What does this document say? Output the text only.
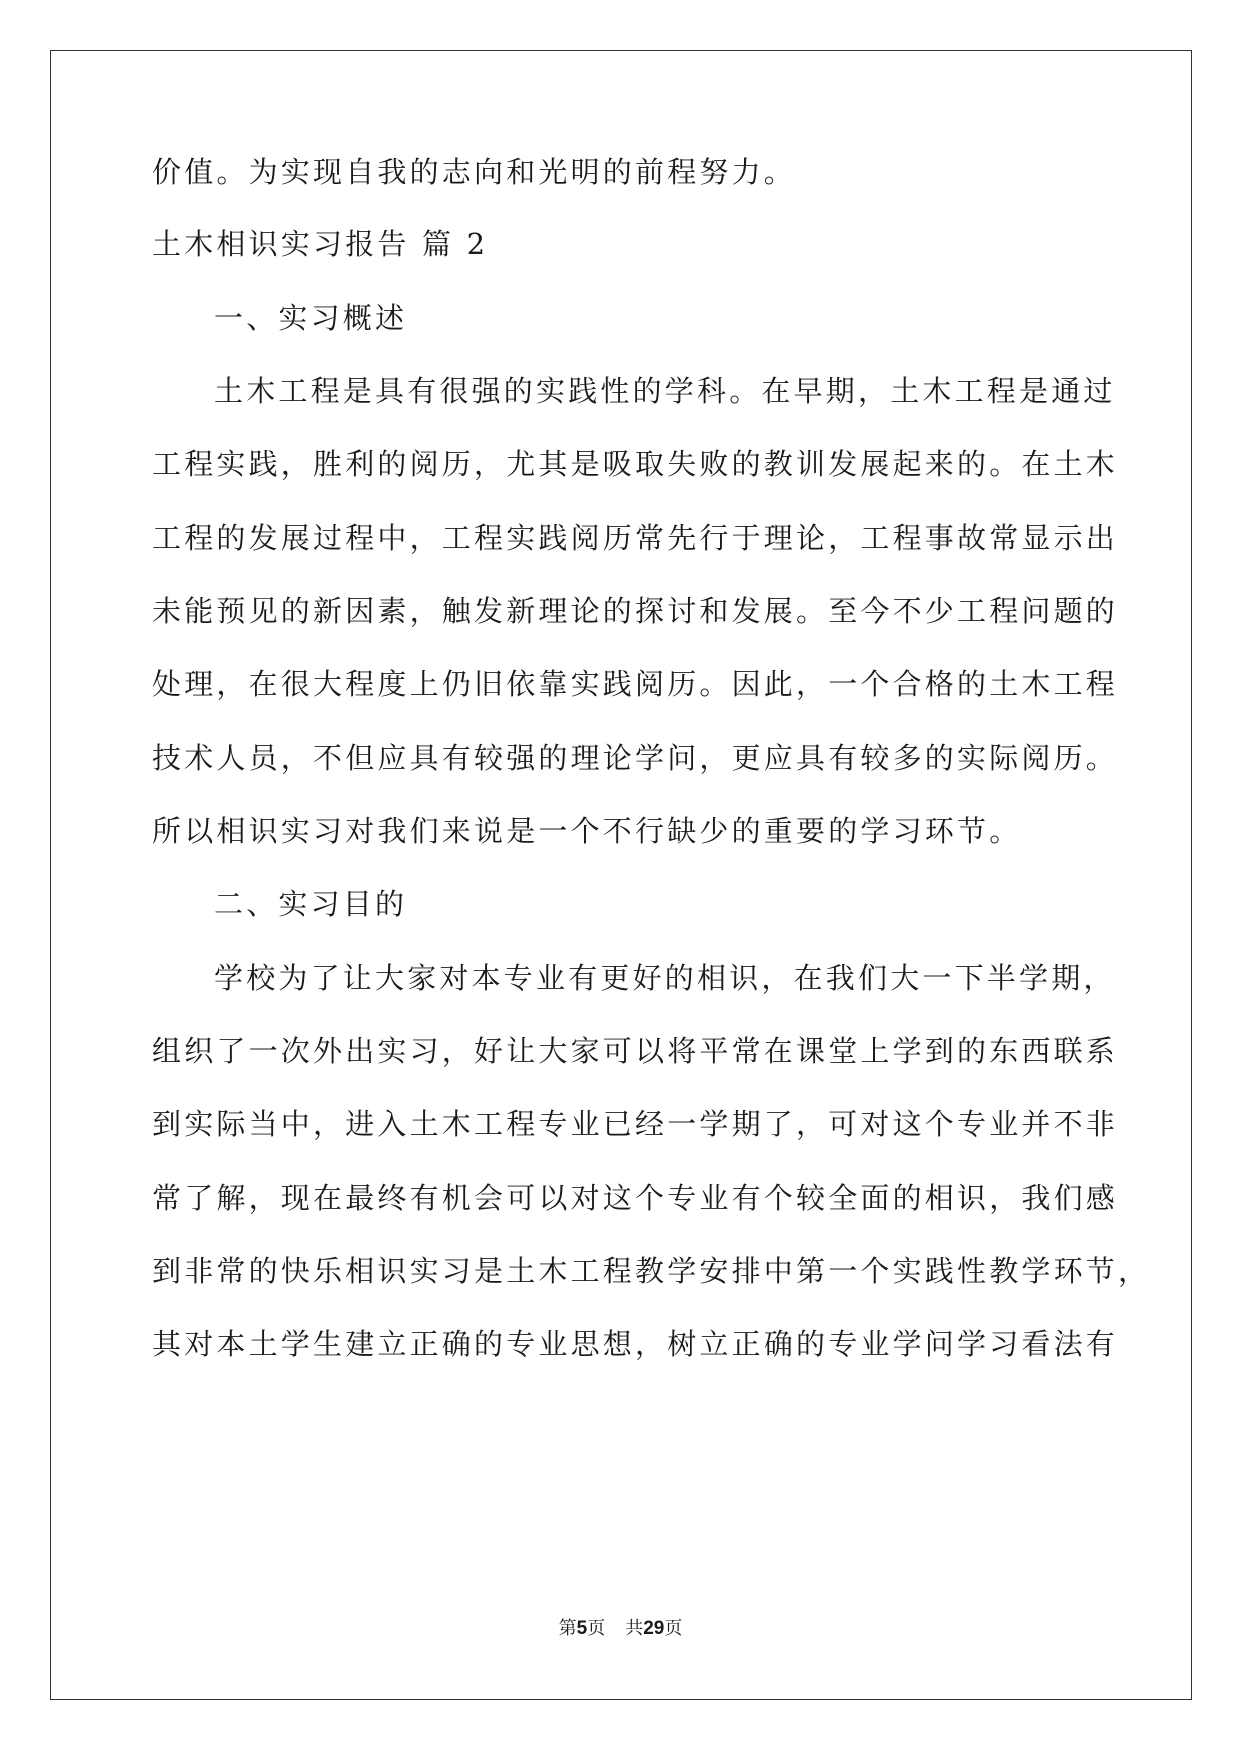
价值。为实现自我的志向和光明的前程努力。
土木相识实习报告 篇 2
一、实习概述
土木工程是具有很强的实践性的学科。在早期，土木工程是通过
工程实践，胜利的阅历，尤其是吸取失败的教训发展起来的。在土木
工程的发展过程中，工程实践阅历常先行于理论，工程事故常显示出
未能预见的新因素，触发新理论的探讨和发展。至今不少工程问题的
处理，在很大程度上仍旧依靠实践阅历。因此，一个合格的土木工程
技术人员，不但应具有较强的理论学问，更应具有较多的实际阅历。
所以相识实习对我们来说是一个不行缺少的重要的学习环节。
二、实习目的
学校为了让大家对本专业有更好的相识，在我们大一下半学期，
组织了一次外出实习，好让大家可以将平常在课堂上学到的东西联系
到实际当中，进入土木工程专业已经一学期了，可对这个专业并不非
常了解，现在最终有机会可以对这个专业有个较全面的相识，我们感
到非常的快乐相识实习是土木工程教学安排中第一个实践性教学环节，
其对本土学生建立正确的专业思想，树立正确的专业学问学习看法有
第5页 共29页
